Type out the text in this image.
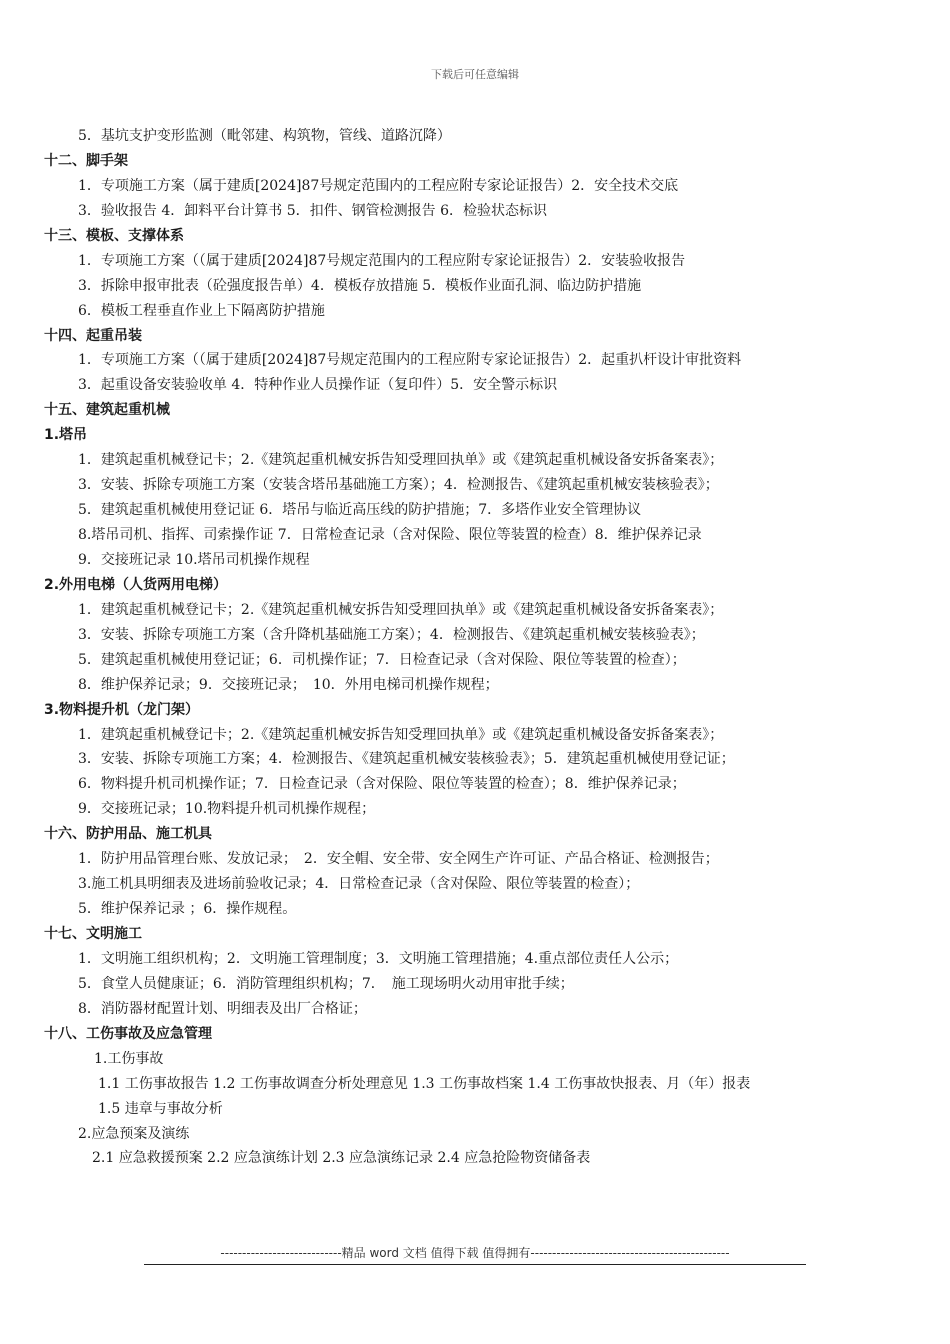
下载后可任意编辑
5．基坑支护变形监测（毗邻建、构筑物，管线、道路沉降）
十二、脚手架
1．专项施工方案（属于建质[2024]87号规定范围内的工程应附专家论证报告）2．安全技术交底
3．验收报告 4．卸料平台计算书 5．扣件、钢管检测报告 6．检验状态标识
十三、模板、支撑体系
1．专项施工方案（（属于建质[2024]87号规定范围内的工程应附专家论证报告）2．安装验收报告
3．拆除申报审批表（砼强度报告单）4．模板存放措施 5．模板作业面孔洞、临边防护措施
6．模板工程垂直作业上下隔离防护措施
十四、起重吊装
1．专项施工方案（（属于建质[2024]87号规定范围内的工程应附专家论证报告）2．起重扒杆设计审批资料
3．起重设备安装验收单 4．特种作业人员操作证（复印件）5．安全警示标识
十五、建筑起重机械
1.塔吊
1．建筑起重机械登记卡；2.《建筑起重机械安拆告知受理回执单》或《建筑起重机械设备安拆备案表》；
3．安装、拆除专项施工方案（安装含塔吊基础施工方案）；4．检测报告、《建筑起重机械安装核验表》；
5．建筑起重机械使用登记证 6．塔吊与临近高压线的防护措施；7．多塔作业安全管理协议
8.塔吊司机、指挥、司索操作证 7．日常检查记录（含对保险、限位等装置的检查）8．维护保养记录
9．交接班记录 10.塔吊司机操作规程
2.外用电梯（人货两用电梯）
1．建筑起重机械登记卡；2.《建筑起重机械安拆告知受理回执单》或《建筑起重机械设备安拆备案表》；
3．安装、拆除专项施工方案（含升降机基础施工方案）；4．检测报告、《建筑起重机械安装核验表》；
5．建筑起重机械使用登记证；6．司机操作证；7．日检查记录（含对保险、限位等装置的检查）；
8．维护保养记录；9．交接班记录；　10．外用电梯司机操作规程；
3.物料提升机（龙门架）
1．建筑起重机械登记卡；2.《建筑起重机械安拆告知受理回执单》或《建筑起重机械设备安拆备案表》；
3．安装、拆除专项施工方案；4．检测报告、《建筑起重机械安装核验表》；5．建筑起重机械使用登记证；
6．物料提升机司机操作证；7．日检查记录（含对保险、限位等装置的检查）；8．维护保养记录；
9．交接班记录；10.物料提升机司机操作规程；
十六、防护用品、施工机具
1．防护用品管理台账、发放记录；　2．安全帽、安全带、安全网生产许可证、产品合格证、检测报告；
3.施工机具明细表及进场前验收记录；4．日常检查记录（含对保险、限位等装置的检查）；
5．维护保养记录 ；6．操作规程。
十七、文明施工
1．文明施工组织机构；2．文明施工管理制度；3．文明施工管理措施；4.重点部位责任人公示；
5．食堂人员健康证；6．消防管理组织机构；7．　施工现场明火动用审批手续；
8．消防器材配置计划、明细表及出厂合格证；
十八、工伤事故及应急管理
1.工伤事故
1.1 工伤事故报告 1.2 工伤事故调查分析处理意见 1.3 工伤事故档案 1.4 工伤事故快报表、月（年）报表
1.5 违章与事故分析
2.应急预案及演练
2.1 应急救援预案 2.2 应急演练计划 2.3 应急演练记录 2.4 应急抢险物资储备表
----------------------------精品 word 文档 值得下载 值得拥有----------------------------------------------
